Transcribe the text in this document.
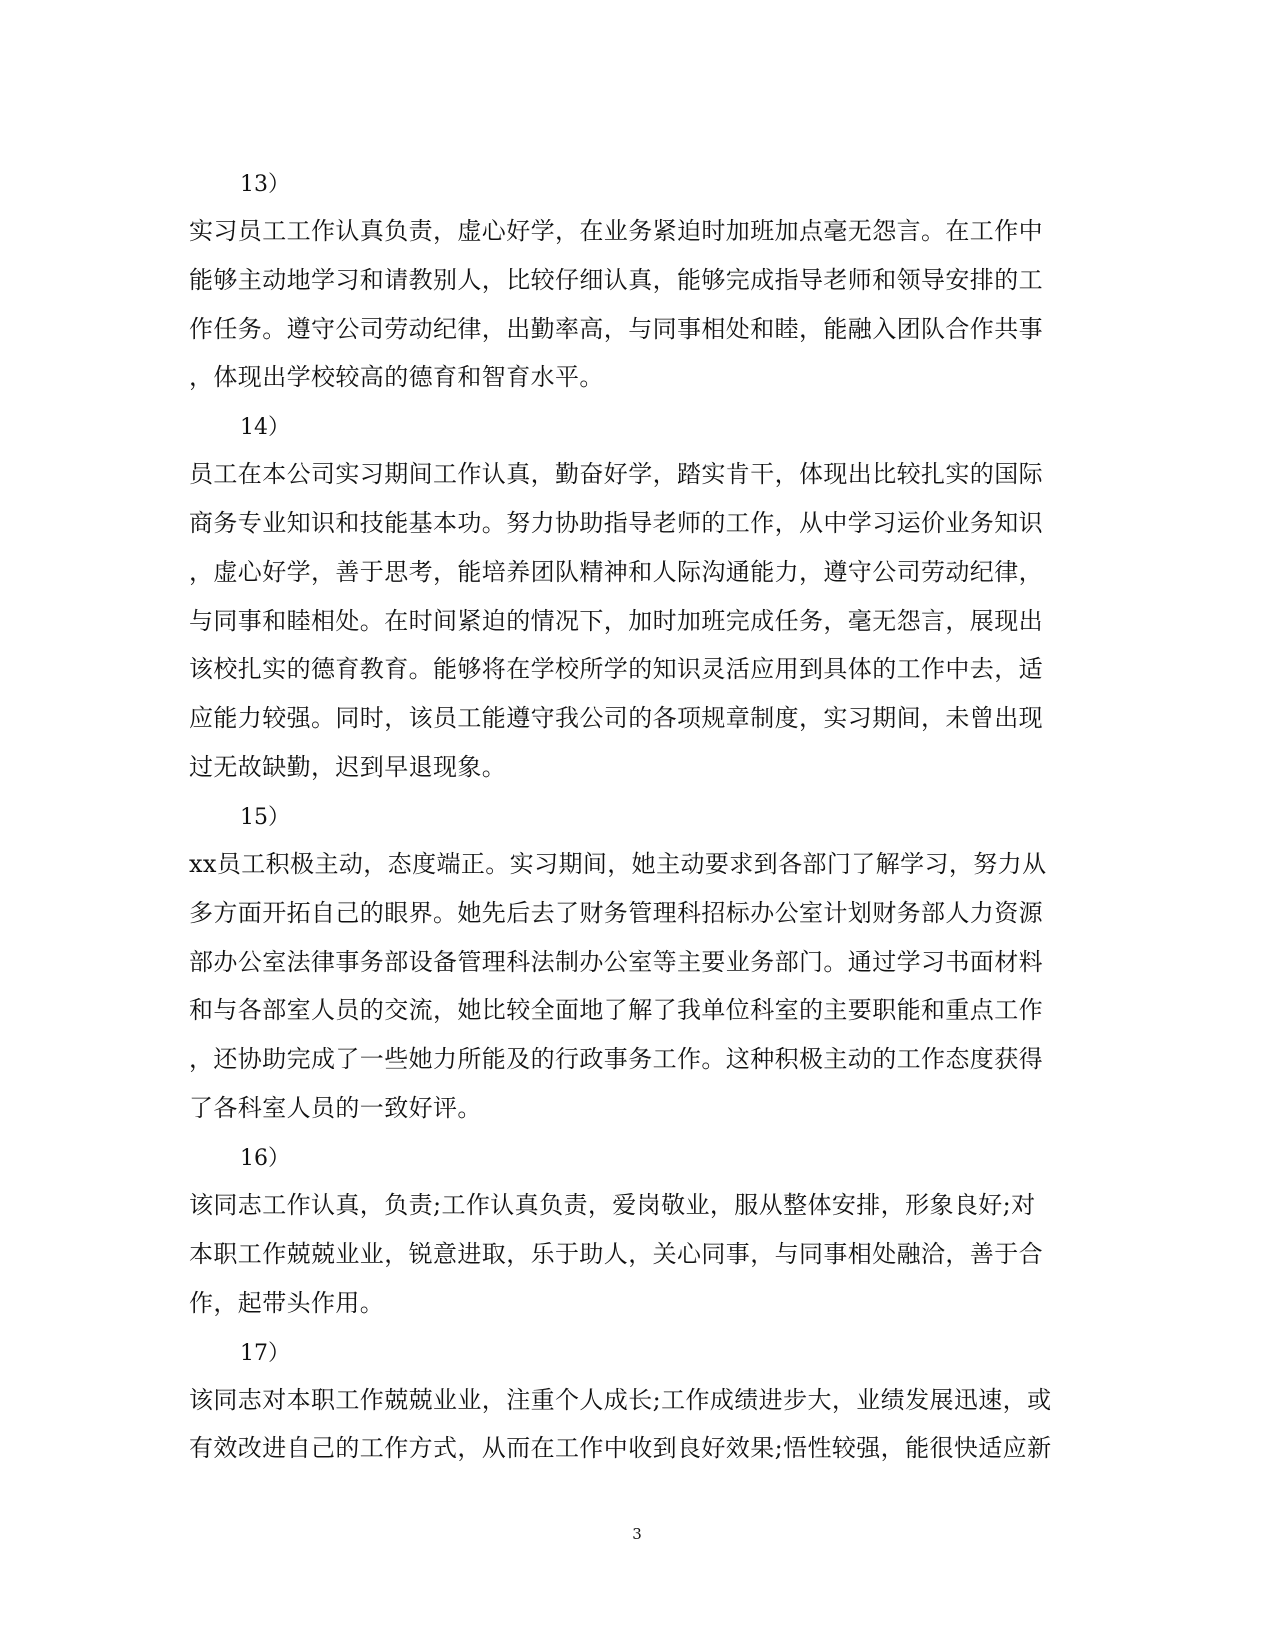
13）
实习员工工作认真负责，虚心好学，在业务紧迫时加班加点毫无怨言。在工作中
能够主动地学习和请教别人，比较仔细认真，能够完成指导老师和领导安排的工
作任务。遵守公司劳动纪律，出勤率高，与同事相处和睦，能融入团队合作共事
，体现出学校较高的德育和智育水平。
14）
员工在本公司实习期间工作认真，勤奋好学，踏实肯干，体现出比较扎实的国际
商务专业知识和技能基本功。努力协助指导老师的工作，从中学习运价业务知识
，虚心好学，善于思考，能培养团队精神和人际沟通能力，遵守公司劳动纪律，
与同事和睦相处。在时间紧迫的情况下，加时加班完成任务，毫无怨言，展现出
该校扎实的德育教育。能够将在学校所学的知识灵活应用到具体的工作中去，适
应能力较强。同时，该员工能遵守我公司的各项规章制度，实习期间，未曾出现
过无故缺勤，迟到早退现象。
15）
xx员工积极主动，态度端正。实习期间，她主动要求到各部门了解学习，努力从
多方面开拓自己的眼界。她先后去了财务管理科招标办公室计划财务部人力资源
部办公室法律事务部设备管理科法制办公室等主要业务部门。通过学习书面材料
和与各部室人员的交流，她比较全面地了解了我单位科室的主要职能和重点工作
，还协助完成了一些她力所能及的行政事务工作。这种积极主动的工作态度获得
了各科室人员的一致好评。
16）
该同志工作认真，负责;工作认真负责，爱岗敬业，服从整体安排，形象良好;对
本职工作兢兢业业，锐意进取，乐于助人，关心同事，与同事相处融洽，善于合
作，起带头作用。
17）
该同志对本职工作兢兢业业，注重个人成长;工作成绩进步大，业绩发展迅速，或
有效改进自己的工作方式，从而在工作中收到良好效果;悟性较强，能很快适应新
3
